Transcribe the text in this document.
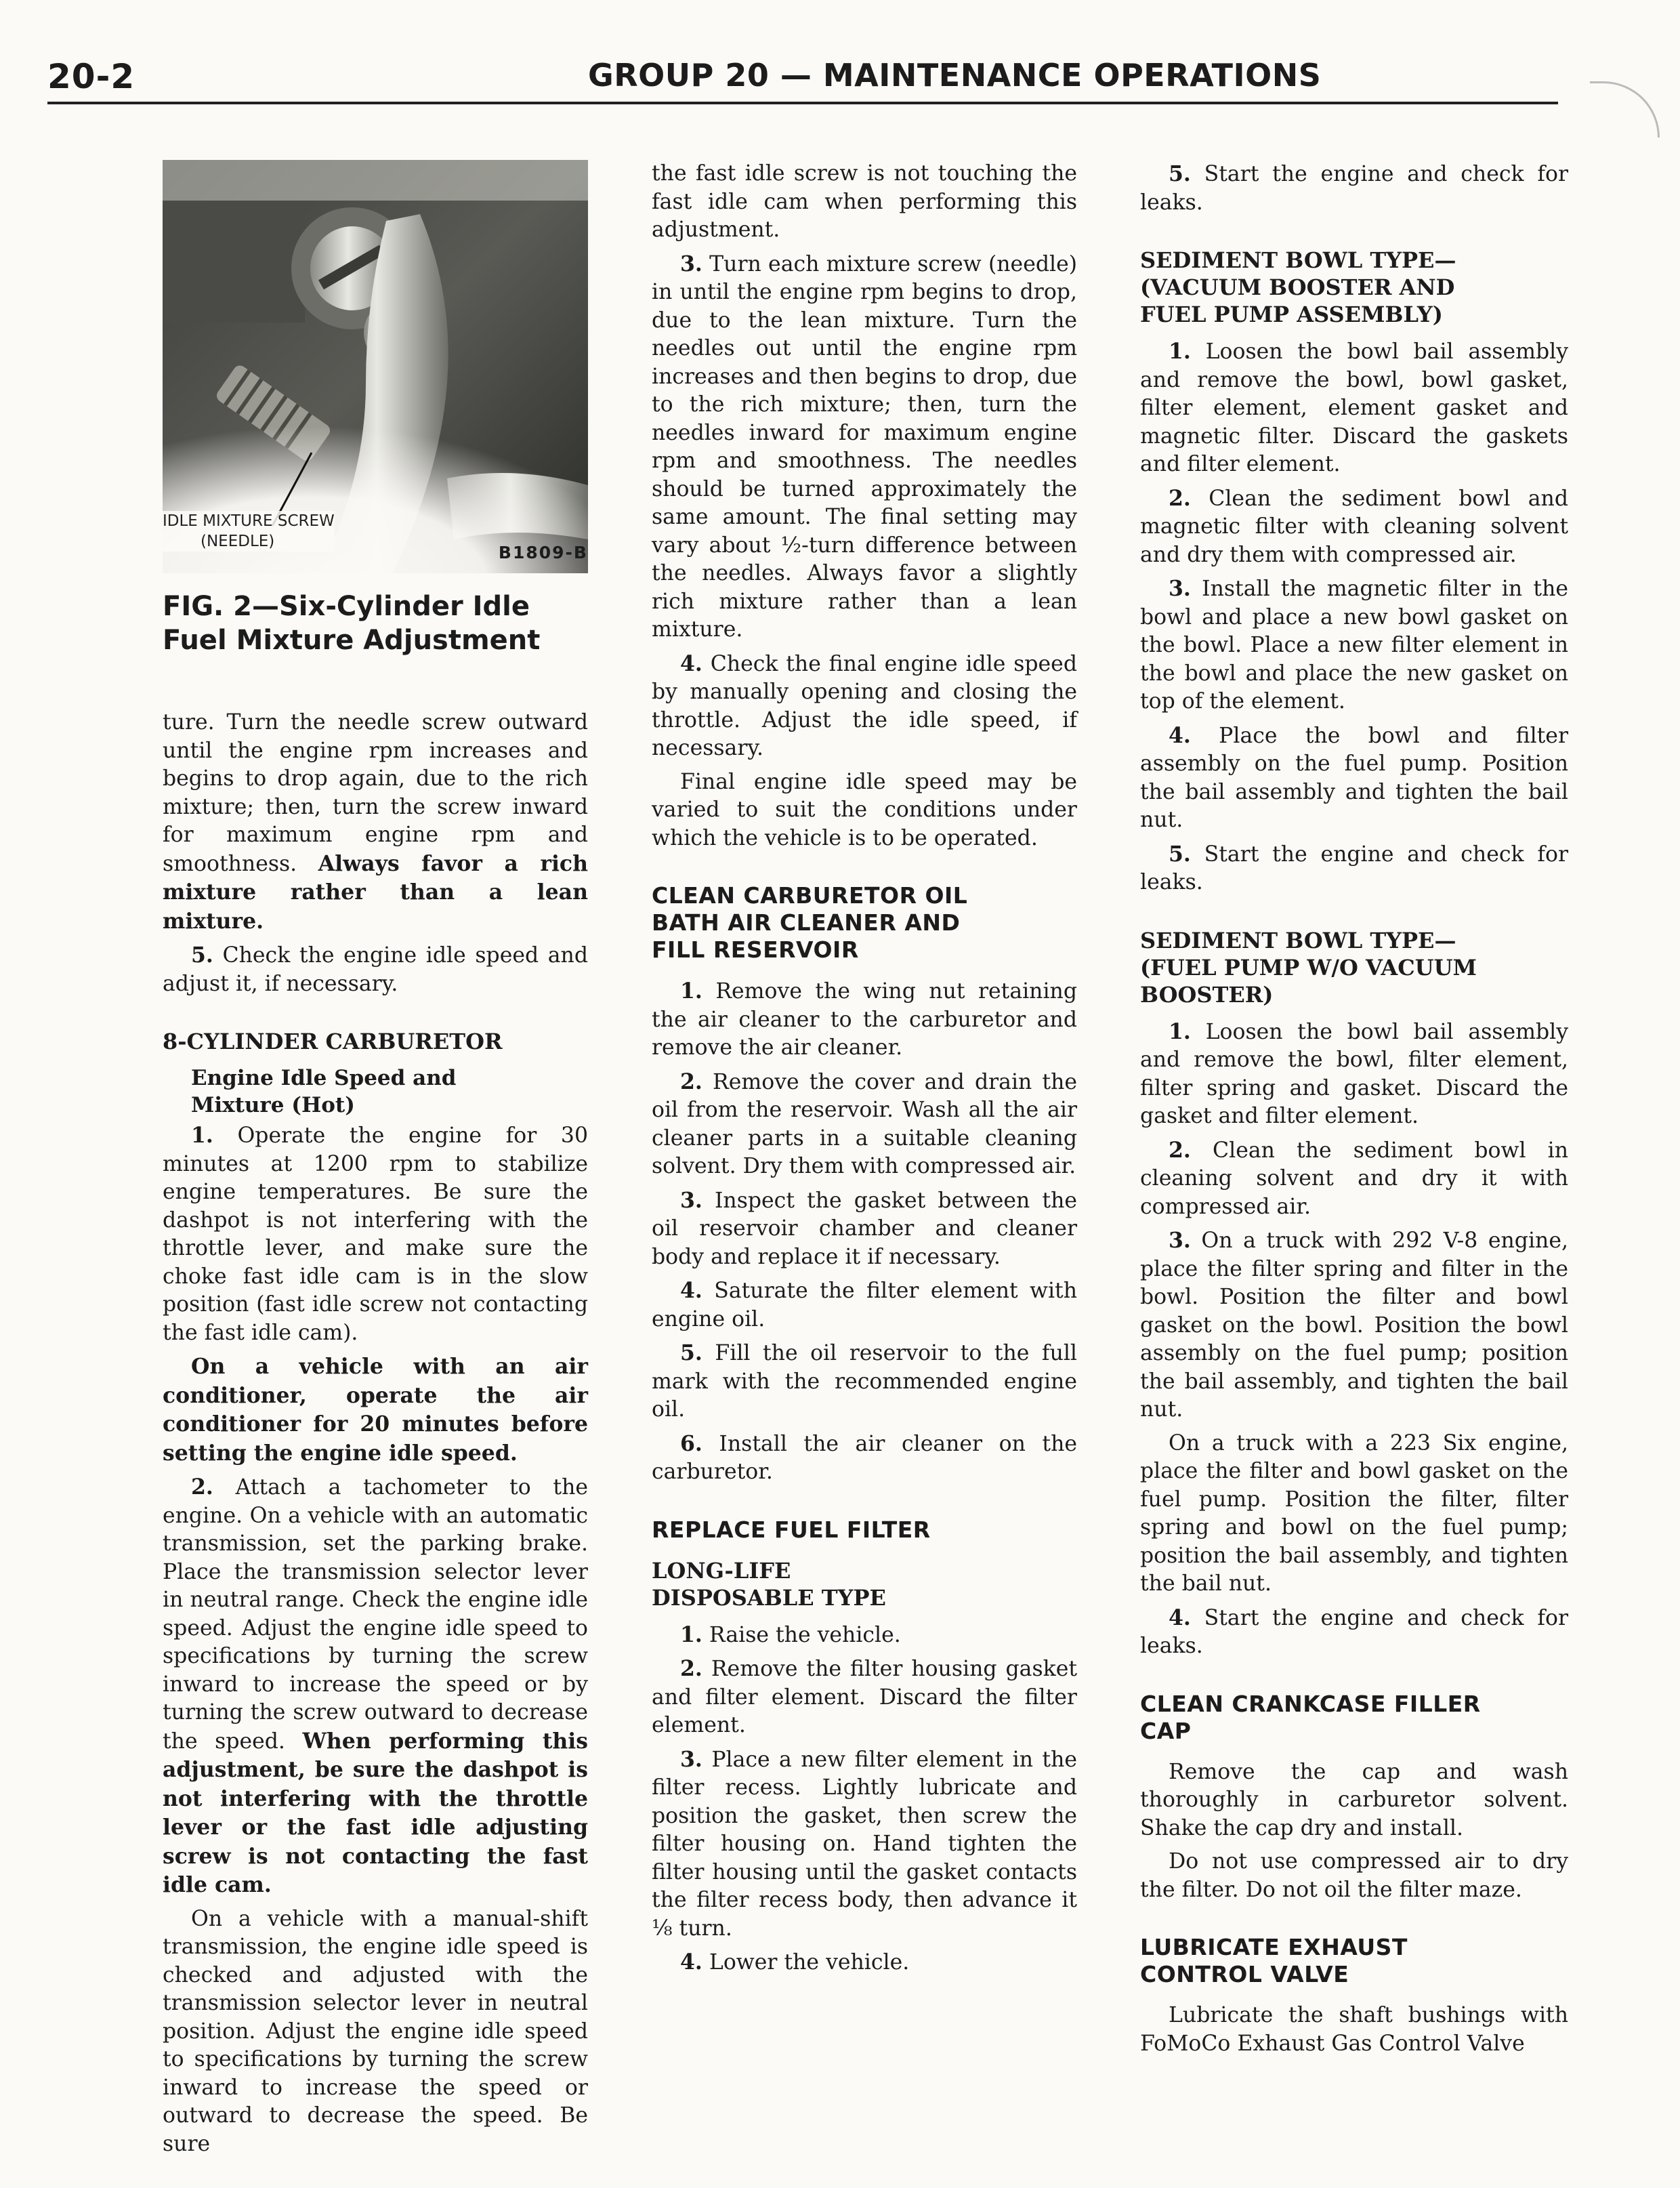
20-2	GROUP 20 — MAINTENANCE OPERATIONS
IDLE MIXTURE SCREW
(NEEDLE)
B1809-B
FIG. 2—Six-Cylinder Idle Fuel Mixture Adjustment

ture. Turn the needle screw outward until the engine rpm increases and begins to drop again, due to the rich mixture; then, turn the screw inward for maximum engine rpm and smoothness. Always favor a rich mixture rather than a lean mixture.

5. Check the engine idle speed and adjust it, if necessary.

8-CYLINDER CARBURETOR
Engine Idle Speed and
Mixture (Hot)

1. Operate the engine for 30 minutes at 1200 rpm to stabilize engine temperatures. Be sure the dashpot is not interfering with the throttle lever, and make sure the choke fast idle cam is in the slow position (fast idle screw not contacting the fast idle cam).

On a vehicle with an air conditioner, operate the air conditioner for 20 minutes before setting the engine idle speed.

2. Attach a tachometer to the engine. On a vehicle with an automatic transmission, set the parking brake. Place the transmission selector lever in neutral range. Check the engine idle speed. Adjust the engine idle speed to specifications by turning the screw inward to increase the speed or by turning the screw outward to decrease the speed. When performing this adjustment, be sure the dashpot is not interfering with the throttle lever or the fast idle adjusting screw is not contacting the fast idle cam.

On a vehicle with a manual-shift transmission, the engine idle speed is checked and adjusted with the transmission selector lever in neutral position. Adjust the engine idle speed to specifications by turning the screw inward to increase the speed or outward to decrease the speed. Be sure

the fast idle screw is not touching the fast idle cam when performing this adjustment.

3. Turn each mixture screw (needle) in until the engine rpm begins to drop, due to the lean mixture. Turn the needles out until the engine rpm increases and then begins to drop, due to the rich mixture; then, turn the needles inward for maximum engine rpm and smoothness. The needles should be turned approximately the same amount. The final setting may vary about ½-turn difference between the needles. Always favor a slightly rich mixture rather than a lean mixture.

4. Check the final engine idle speed by manually opening and closing the throttle. Adjust the idle speed, if necessary.

Final engine idle speed may be varied to suit the conditions under which the vehicle is to be operated.

CLEAN CARBURETOR OIL
BATH AIR CLEANER AND
FILL RESERVOIR

1. Remove the wing nut retaining the air cleaner to the carburetor and remove the air cleaner.

2. Remove the cover and drain the oil from the reservoir. Wash all the air cleaner parts in a suitable cleaning solvent. Dry them with compressed air.

3. Inspect the gasket between the oil reservoir chamber and cleaner body and replace it if necessary.

4. Saturate the filter element with engine oil.

5. Fill the oil reservoir to the full mark with the recommended engine oil.

6. Install the air cleaner on the carburetor.

REPLACE FUEL FILTER
LONG-LIFE
DISPOSABLE TYPE

1. Raise the vehicle.

2. Remove the filter housing gasket and filter element. Discard the filter element.

3. Place a new filter element in the filter recess. Lightly lubricate and position the gasket, then screw the filter housing on. Hand tighten the filter housing until the gasket contacts the filter recess body, then advance it ⅛ turn.

4. Lower the vehicle.

5. Start the engine and check for leaks.

SEDIMENT BOWL TYPE—
(VACUUM BOOSTER AND
FUEL PUMP ASSEMBLY)

1. Loosen the bowl bail assembly and remove the bowl, bowl gasket, filter element, element gasket and magnetic filter. Discard the gaskets and filter element.

2. Clean the sediment bowl and magnetic filter with cleaning solvent and dry them with compressed air.

3. Install the magnetic filter in the bowl and place a new bowl gasket on the bowl. Place a new filter element in the bowl and place the new gasket on top of the element.

4. Place the bowl and filter assembly on the fuel pump. Position the bail assembly and tighten the bail nut.

5. Start the engine and check for leaks.

SEDIMENT BOWL TYPE—
(FUEL PUMP W/O VACUUM
BOOSTER)

1. Loosen the bowl bail assembly and remove the bowl, filter element, filter spring and gasket. Discard the gasket and filter element.

2. Clean the sediment bowl in cleaning solvent and dry it with compressed air.

3. On a truck with 292 V-8 engine, place the filter spring and filter in the bowl. Position the filter and bowl gasket on the bowl. Position the bowl assembly on the fuel pump; position the bail assembly, and tighten the bail nut.

On a truck with a 223 Six engine, place the filter and bowl gasket on the fuel pump. Position the filter, filter spring and bowl on the fuel pump; position the bail assembly, and tighten the bail nut.

4. Start the engine and check for leaks.

CLEAN CRANKCASE FILLER
CAP

Remove the cap and wash thoroughly in carburetor solvent. Shake the cap dry and install.

Do not use compressed air to dry the filter. Do not oil the filter maze.

LUBRICATE EXHAUST
CONTROL VALVE

Lubricate the shaft bushings with FoMoCo Exhaust Gas Control Valve
